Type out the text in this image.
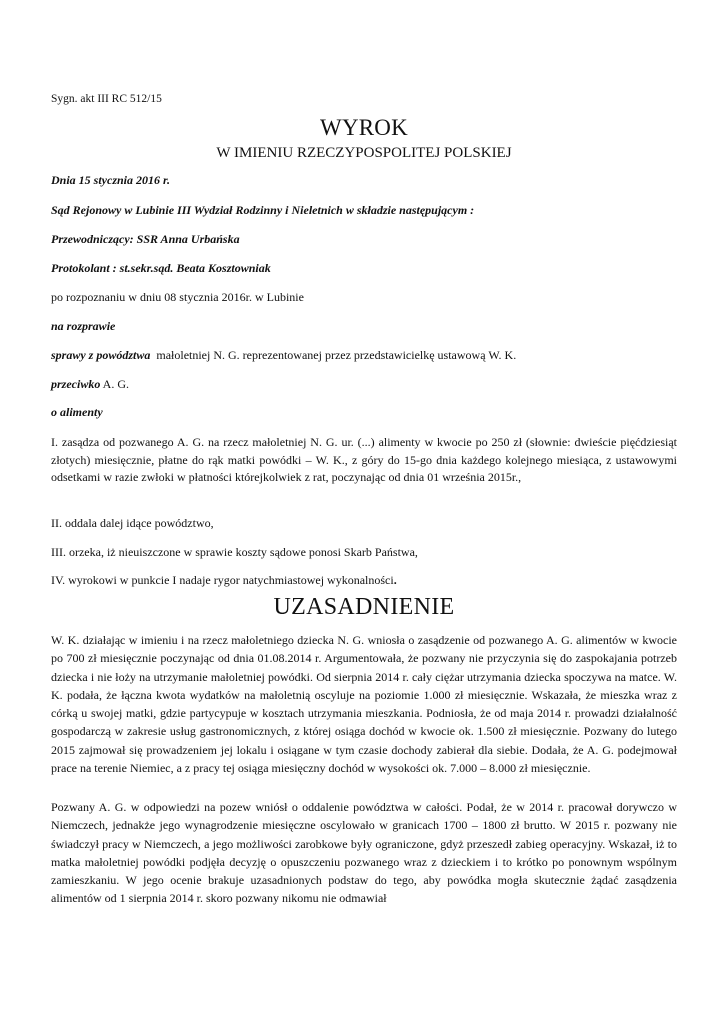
Sygn. akt III RC 512/15
WYROK
W IMIENIU RZECZYPOSPOLITEJ POLSKIEJ
Dnia 15 stycznia 2016 r.
Sąd Rejonowy w Lubinie III Wydział Rodzinny i Nieletnich w składzie następującym :
Przewodniczący: SSR Anna Urbańska
Protokolant : st.sekr.sąd. Beata Kosztowniak
po rozpoznaniu w dniu 08 stycznia 2016r. w Lubinie
na rozprawie
sprawy z powództwa  małoletniej N. G. reprezentowanej przez przedstawicielkę ustawową W. K.
przeciwko A. G.
o alimenty
I. zasądza od pozwanego A. G. na rzecz małoletniej N. G. ur. (...) alimenty w kwocie po 250 zł (słownie: dwieście pięćdziesiąt złotych) miesięcznie, płatne do rąk matki powódki – W. K., z góry do 15-go dnia każdego kolejnego miesiąca, z ustawowymi odsetkami w razie zwłoki w płatności którejkolwiek z rat, poczynając od dnia 01 września 2015r.,
II. oddala dalej idące powództwo,
III. orzeka, iż nieuiszczone w sprawie koszty sądowe ponosi Skarb Państwa,
IV. wyrokowi w punkcie I nadaje rygor natychmiastowej wykonalności.
UZASADNIENIE
W. K. działając w imieniu i na rzecz małoletniego dziecka N. G. wniosła o zasądzenie od pozwanego A. G. alimentów w kwocie po 700 zł miesięcznie poczynając od dnia 01.08.2014 r. Argumentowała, że pozwany nie przyczynia się do zaspokajania potrzeb dziecka i nie łoży na utrzymanie małoletniej powódki. Od sierpnia 2014 r. cały ciężar utrzymania dziecka spoczywa na matce. W. K. podała, że łączna kwota wydatków na małoletnią oscyluje na poziomie 1.000 zł miesięcznie. Wskazała, że mieszka wraz z córką u swojej matki, gdzie partycypuje w kosztach utrzymania mieszkania. Podniosła, że od maja 2014 r. prowadzi działalność gospodarczą w zakresie usług gastronomicznych, z której osiąga dochód w kwocie ok. 1.500 zł miesięcznie. Pozwany do lutego 2015 zajmował się prowadzeniem jej lokalu i osiągane w tym czasie dochody zabierał dla siebie. Dodała, że A. G. podejmował prace na terenie Niemiec, a z pracy tej osiąga miesięczny dochód w wysokości ok. 7.000 – 8.000 zł miesięcznie.
Pozwany A. G. w odpowiedzi na pozew wniósł o oddalenie powództwa w całości. Podał, że w 2014 r. pracował dorywczo w Niemczech, jednakże jego wynagrodzenie miesięczne oscylowało w granicach 1700 – 1800 zł brutto. W 2015 r. pozwany nie świadczył pracy w Niemczech, a jego możliwości zarobkowe były ograniczone, gdyż przeszedł zabieg operacyjny. Wskazał, iż to matka małoletniej powódki podjęła decyzję o opuszczeniu pozwanego wraz z dzieckiem i to krótko po ponownym wspólnym zamieszkaniu. W jego ocenie brakuje uzasadnionych podstaw do tego, aby powódka mogła skutecznie żądać zasądzenia alimentów od 1 sierpnia 2014 r. skoro pozwany nikomu nie odmawiał
